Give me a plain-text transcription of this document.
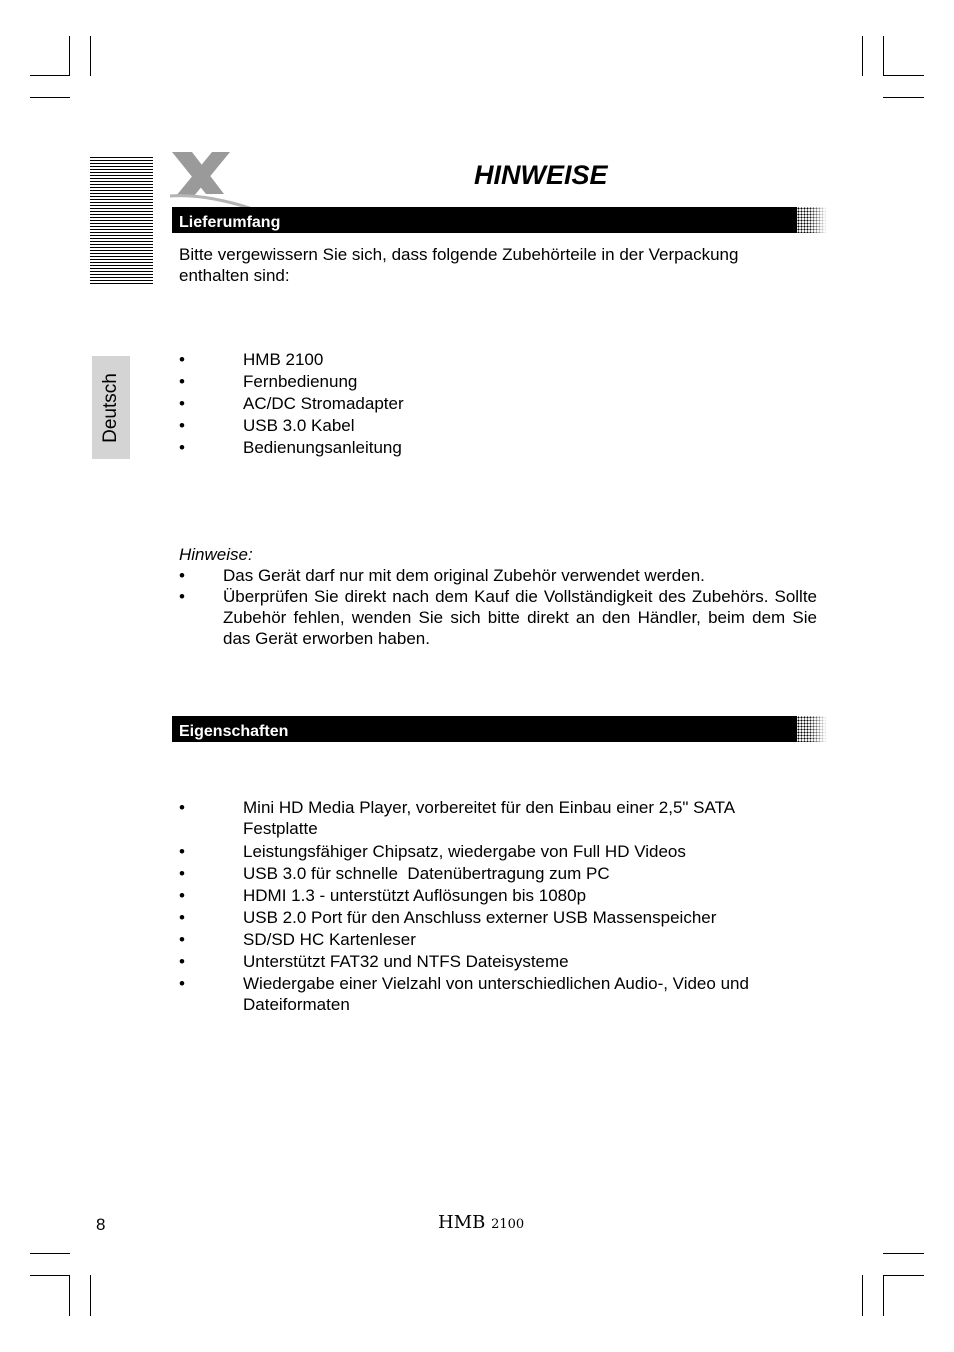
HINWEISE
Deutsch
Lieferumfang
Bitte vergewissern Sie sich, dass folgende Zubehörteile in der Verpackung enthalten sind:
•	HMB 2100
•	Fernbedienung
•	AC/DC Stromadapter
•	USB 3.0 Kabel
•	Bedienungsanleitung
Hinweise:
• Das Gerät darf nur mit dem original Zubehör verwendet werden.
• Überprüfen Sie direkt nach dem Kauf die Vollständigkeit des Zubehörs. Sollte Zubehör fehlen, wenden Sie sich bitte direkt an den Händler, beim dem Sie das Gerät erworben haben.
Eigenschaften
•	Mini HD Media Player, vorbereitet für den Einbau einer 2,5" SATA Festplatte
•	Leistungsfähiger Chipsatz, wiedergabe von Full HD Videos
•	USB 3.0 für schnelle  Datenübertragung zum PC
•	HDMI 1.3 - unterstützt Auflösungen bis 1080p
•	USB 2.0 Port für den Anschluss externer USB Massenspeicher
•	SD/SD HC Kartenleser
•	Unterstützt FAT32 und NTFS Dateisysteme
•	Wiedergabe einer Vielzahl von unterschiedlichen Audio-, Video und Dateiformaten
8	HMB 2100
